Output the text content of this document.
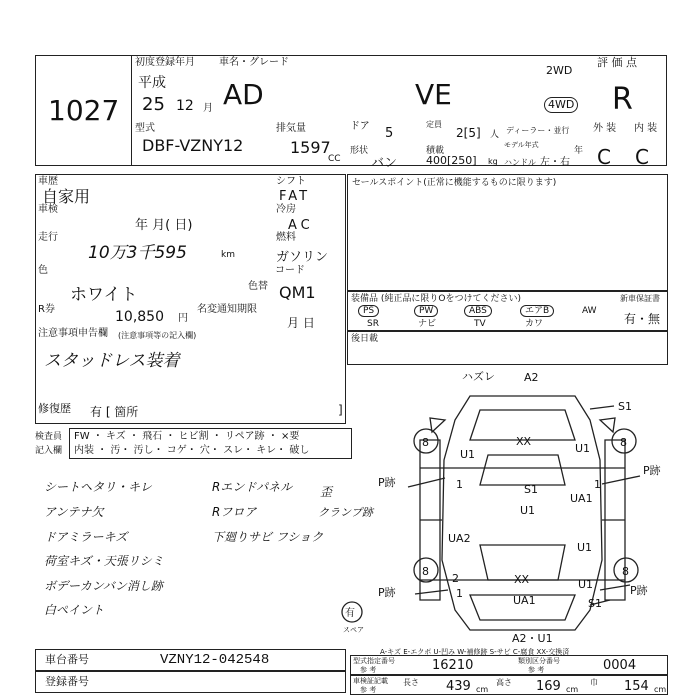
1027
初度登録年月
平成
25 12 月
車名・グレード
AD	VE
2WD
4WD
評 価 点
R
型式
DBF-VZNY12
排気量
1597
CC
ドア 5
定員
2[5] 人 ディーラー・並行
形状
バン
積載
400[250] kg
モデル年式
年
ハンドル 左・右
外 装 内 装
C C
車歴
自家用
車検
年 月( 日)
走行
10万3千595	km
色
ホワイト	色替
コード
QM1
R券	10,850 円
名変通知期限
月 日
注意事項申告欄 (注意事項等の記入欄)
スタッドレス装着
修復歴 有 [ 箇所	]
シフト
FAT
冷房
AC
燃料
ガソリン
セールスポイント(正常に機能するものに限ります)
装備品 (純正品に限りOをつけてください)	新車保証書
有・無
PS	PW	ABS	エアB	AW
SR	ナビ	TV	カワ
後日載
検査員
記入欄
FW ・ キズ ・ 飛石 ・ ヒビ割 ・ リペア跡 ・ ×要
内装 ・ 汚・ 汚し・ コゲ・ 穴・ スレ・ キレ・ 破し
シートヘタリ・キレ
アンテナ欠
ドアミラーキズ
荷室キズ・天張リシミ
ボデーカンバン消し跡
白ペイント
Rエンドパネル
Rフロア
下廻りサビ フショク
歪
クランプ跡
ハズレ	A2
S1
8	8
8	8
XX
U1
U1
P跡	1	S1
UA1
P跡
1
U1
UA2
U1
XX
UA1
U1
S1
P跡	1	P跡
有
スペア
A2・U1
2
A-キズ E-エクボ U-凹み W-補修跡 S-サビ C-腐食 XX-交換済
車台番号	VZNY12-042548
登録番号
型式指定番号
参 考	16210	類別区分番号
参 考	0004
車検証記載
参 考
長さ 439 cm
高さ 169 cm
巾 154 cm
